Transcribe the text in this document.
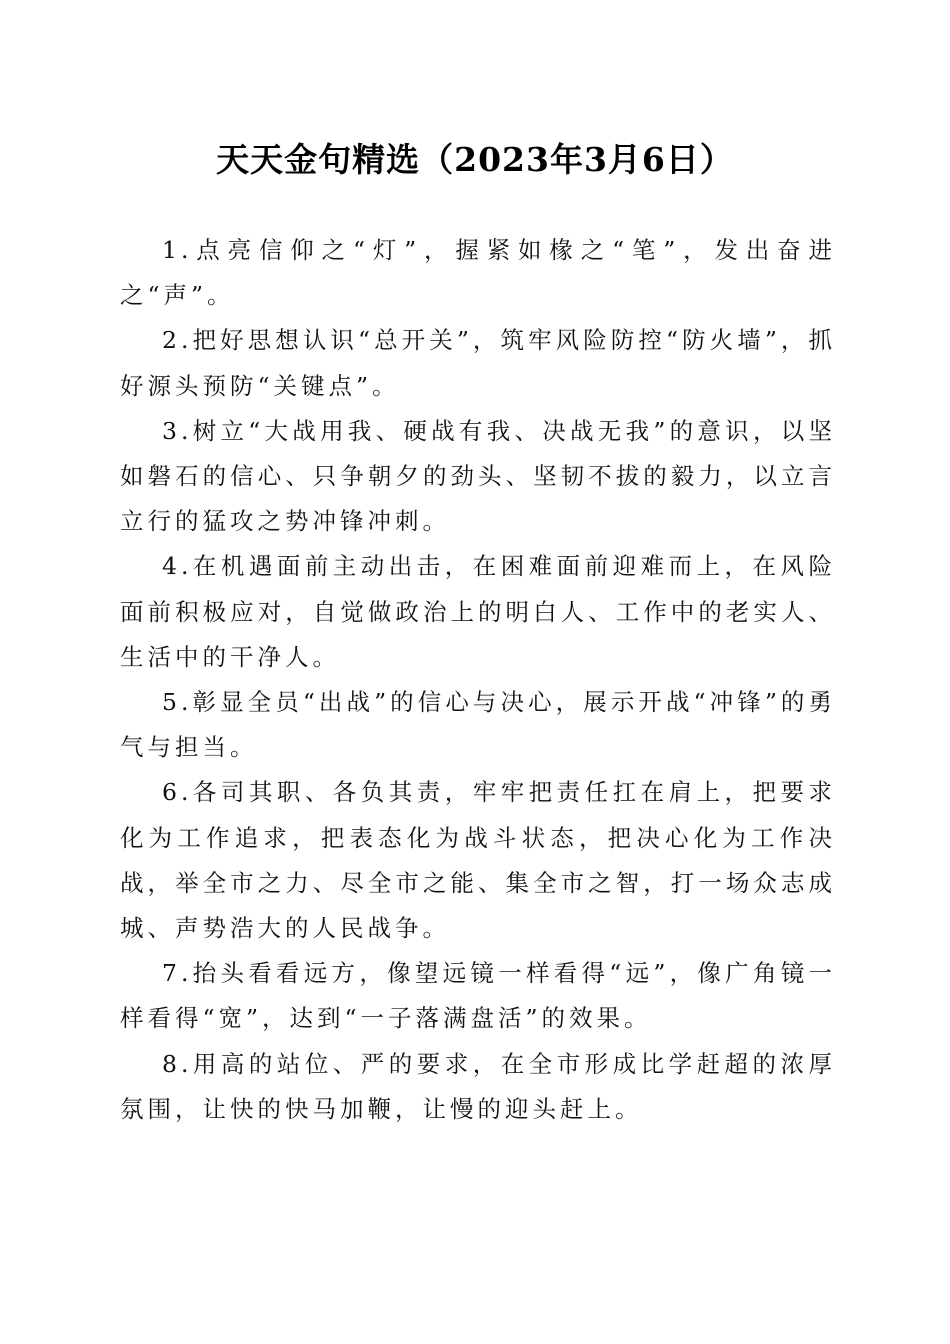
天天金句精选（2023年3月6日）

1.点亮信仰之“灯”，握紧如椽之“笔”，发出奋进之“声”。

2.把好思想认识“总开关”，筑牢风险防控“防火墙”，抓好源头预防“关键点”。

3.树立“大战用我、硬战有我、决战无我”的意识，以坚如磐石的信心、只争朝夕的劲头、坚韧不拔的毅力，以立言立行的猛攻之势冲锋冲刺。

4.在机遇面前主动出击，在困难面前迎难而上，在风险面前积极应对，自觉做政治上的明白人、工作中的老实人、生活中的干净人。

5.彰显全员“出战”的信心与决心，展示开战“冲锋”的勇气与担当。

6.各司其职、各负其责，牢牢把责任扛在肩上，把要求化为工作追求，把表态化为战斗状态，把决心化为工作决战，举全市之力、尽全市之能、集全市之智，打一场众志成城、声势浩大的人民战争。

7.抬头看看远方，像望远镜一样看得“远”，像广角镜一样看得“宽”，达到“一子落满盘活”的效果。

8.用高的站位、严的要求，在全市形成比学赶超的浓厚氛围，让快的快马加鞭，让慢的迎头赶上。
